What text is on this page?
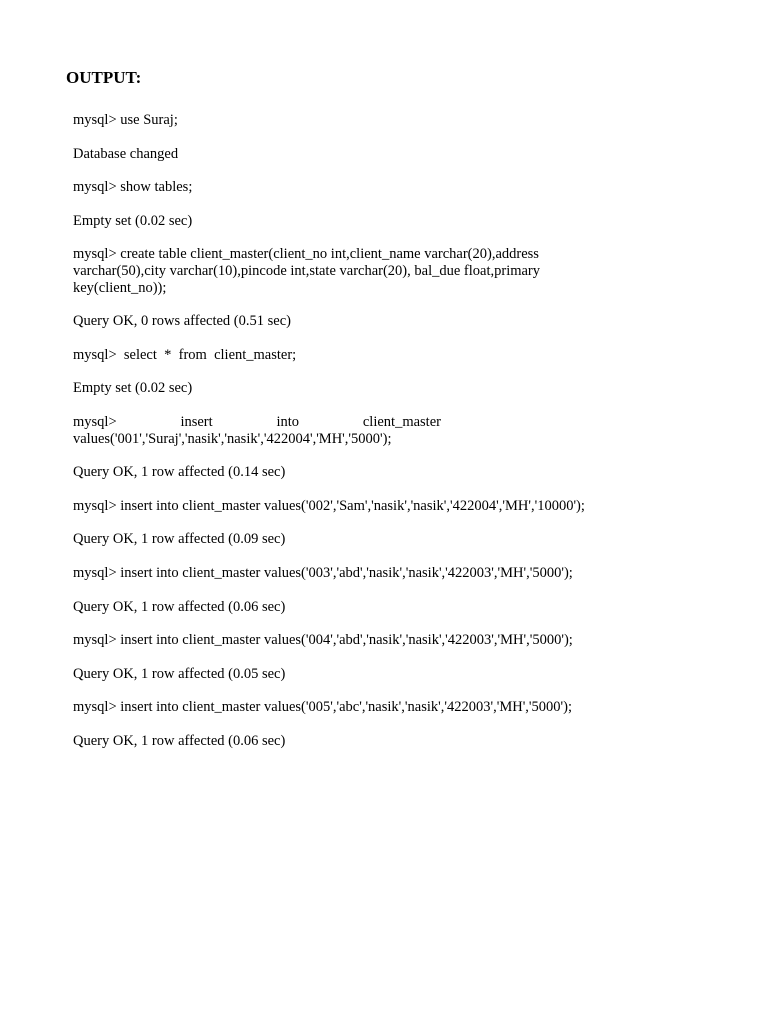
OUTPUT:

mysql> use Suraj;

Database changed

mysql> show tables;

Empty set (0.02 sec)

mysql> create table client_master(client_no int,client_name varchar(20),address varchar(50),city varchar(10),pincode int,state varchar(20), bal_due float,primary key(client_no));

Query OK, 0 rows affected (0.51 sec)

mysql>  select  *  from  client_master;

Empty set (0.02 sec)

mysql>	insert	into	client_master
values('001','Suraj','nasik','nasik','422004','MH','5000');

Query OK, 1 row affected (0.14 sec)

mysql> insert into client_master values('002','Sam','nasik','nasik','422004','MH','10000');

Query OK, 1 row affected (0.09 sec)

mysql> insert into client_master values('003','abd','nasik','nasik','422003','MH','5000');

Query OK, 1 row affected (0.06 sec)

mysql> insert into client_master values('004','abd','nasik','nasik','422003','MH','5000');

Query OK, 1 row affected (0.05 sec)

mysql> insert into client_master values('005','abc','nasik','nasik','422003','MH','5000');

Query OK, 1 row affected (0.06 sec)
